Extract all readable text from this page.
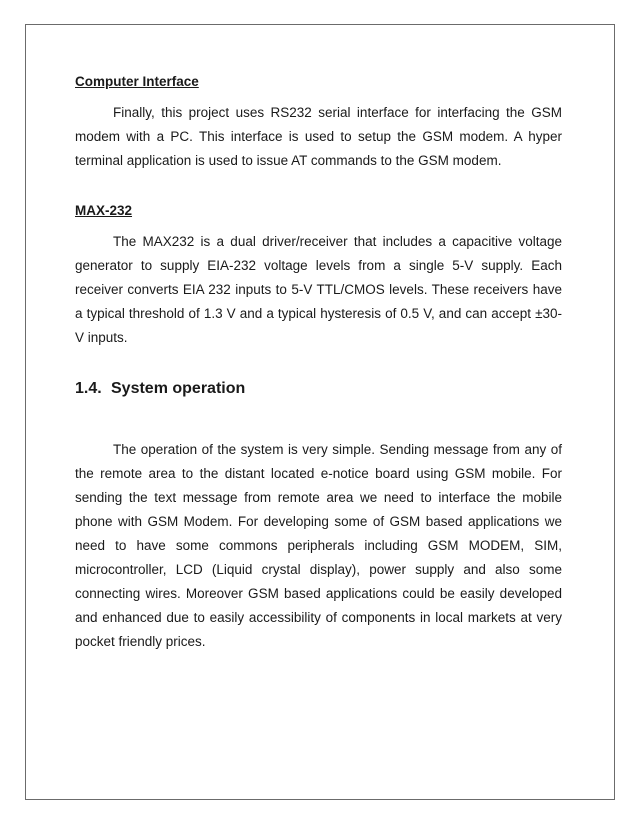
Computer Interface

Finally, this project uses RS232 serial interface for interfacing the GSM modem with a PC. This interface is used to setup the GSM modem. A hyper terminal application is used to issue AT commands to the GSM modem.

MAX-232

The MAX232 is a dual driver/receiver that includes a capacitive voltage generator to supply EIA-232 voltage levels from a single 5-V supply. Each receiver converts EIA 232 inputs to 5-V TTL/CMOS levels. These receivers have a typical threshold of 1.3 V and a typical hysteresis of 0.5 V, and can accept ±30-V inputs.

1.4. System operation

The operation of the system is very simple. Sending message from any of the remote area to the distant located e-notice board using GSM mobile. For sending the text message from remote area we need to interface the mobile phone with GSM Modem. For developing some of GSM based applications we need to have some commons peripherals including GSM MODEM, SIM, microcontroller, LCD (Liquid crystal display), power supply and also some connecting wires. Moreover GSM based applications could be easily developed and enhanced due to easily accessibility of components in local markets at very pocket friendly prices.
